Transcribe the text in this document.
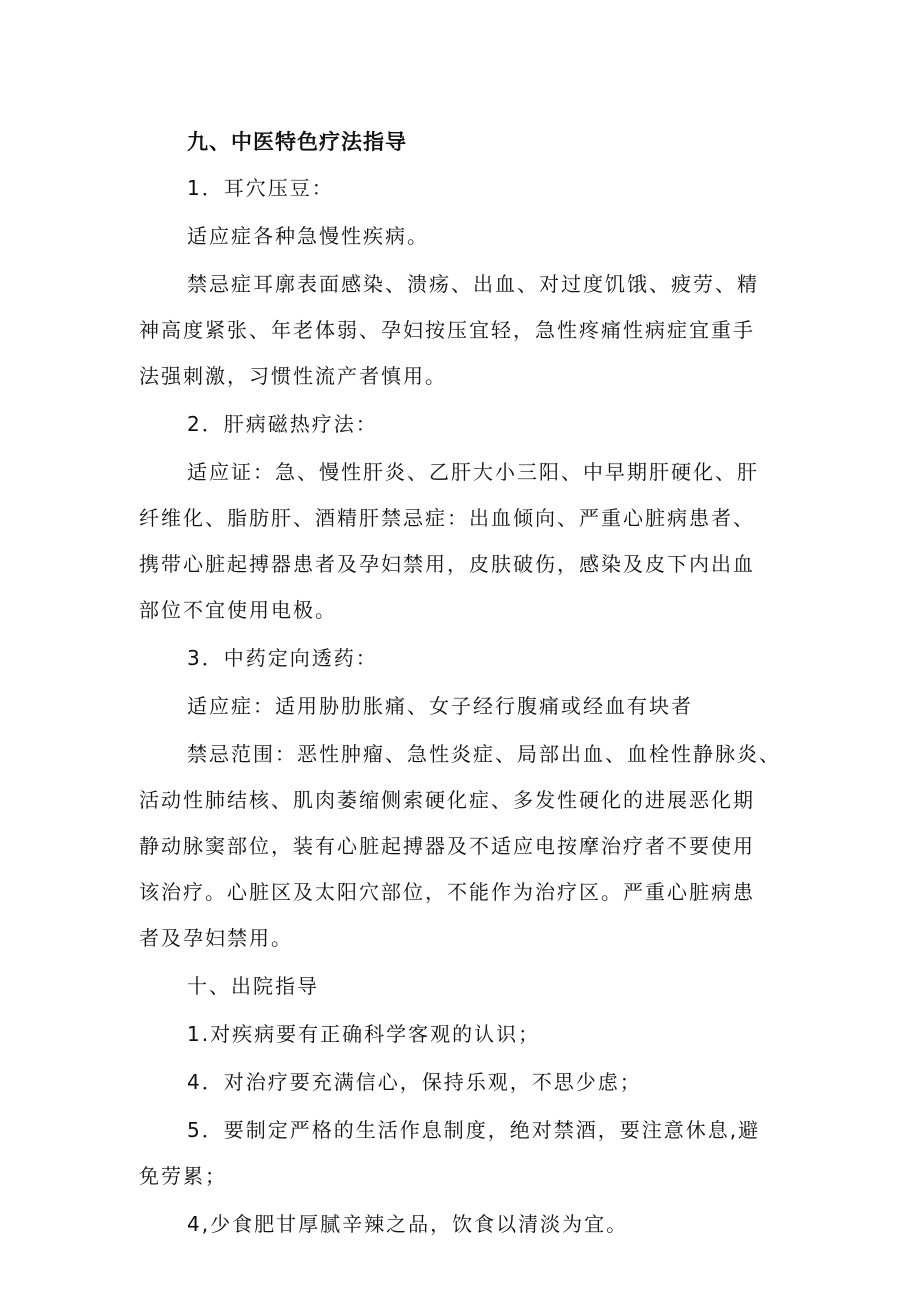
九、中医特色疗法指导

1．耳穴压豆：

适应症各种急慢性疾病。

禁忌症耳廓表面感染、溃疡、出血、对过度饥饿、疲劳、精

神高度紧张、年老体弱、孕妇按压宜轻，急性疼痛性病症宜重手

法强刺激，习惯性流产者慎用。

2．肝病磁热疗法：

适应证：急、慢性肝炎、乙肝大小三阳、中早期肝硬化、肝

纤维化、脂肪肝、酒精肝禁忌症：出血倾向、严重心脏病患者、

携带心脏起搏器患者及孕妇禁用，皮肤破伤，感染及皮下内出血

部位不宜使用电极。

3．中药定向透药：

适应症：适用胁肋胀痛、女子经行腹痛或经血有块者

禁忌范围：恶性肿瘤、急性炎症、局部出血、血栓性静脉炎、

活动性肺结核、肌肉萎缩侧索硬化症、多发性硬化的进展恶化期

静动脉窦部位，装有心脏起搏器及不适应电按摩治疗者不要使用

该治疗。心脏区及太阳穴部位，不能作为治疗区。严重心脏病患

者及孕妇禁用。

十、出院指导

1.对疾病要有正确科学客观的认识；

4．对治疗要充满信心，保持乐观，不思少虑；

5．要制定严格的生活作息制度，绝对禁酒，要注意休息,避

免劳累；

4,少食肥甘厚腻辛辣之品，饮食以清淡为宜。
